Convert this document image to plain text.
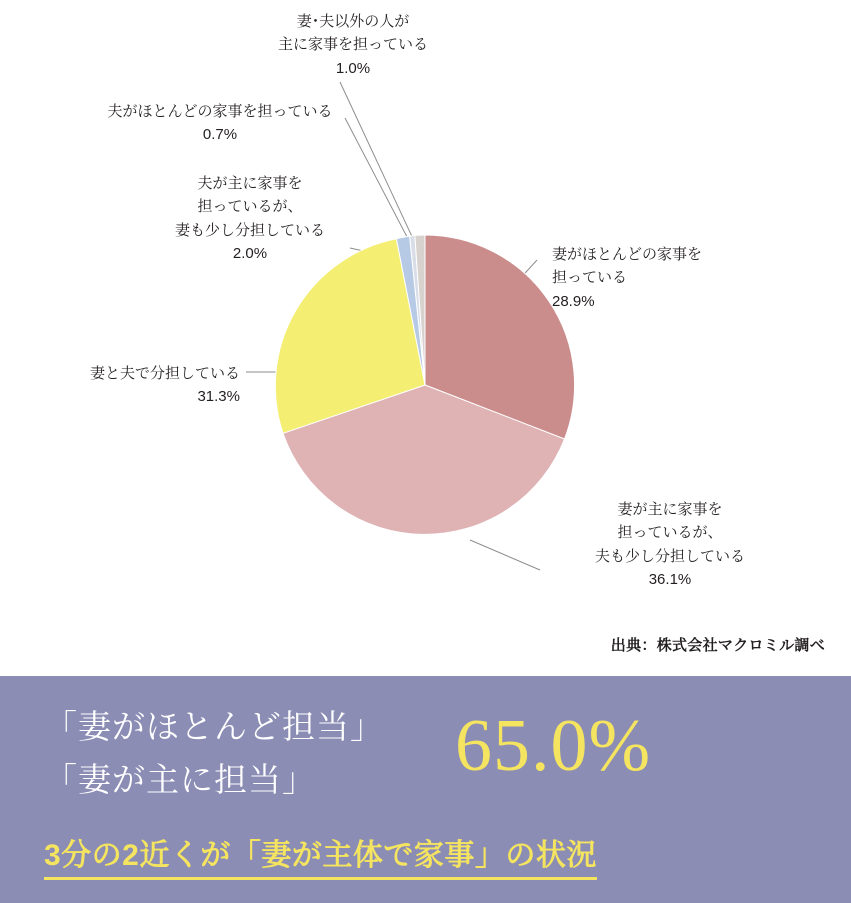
妻･夫以外の人が
主に家事を担っている
1.0%
夫がほとんどの家事を担っている
0.7%
夫が主に家事を
担っているが、
妻も少し分担している
2.0%
妻と夫で分担している
31.3%
妻がほとんどの家事を
担っている
28.9%
妻が主に家事を
担っているが、
夫も少し分担している
36.1%
出典：株式会社マクロミル調べ
「妻がほとんど担当」
「妻が主に担当」	65.0%
3分の2近くが「妻が主体で家事」の状況
